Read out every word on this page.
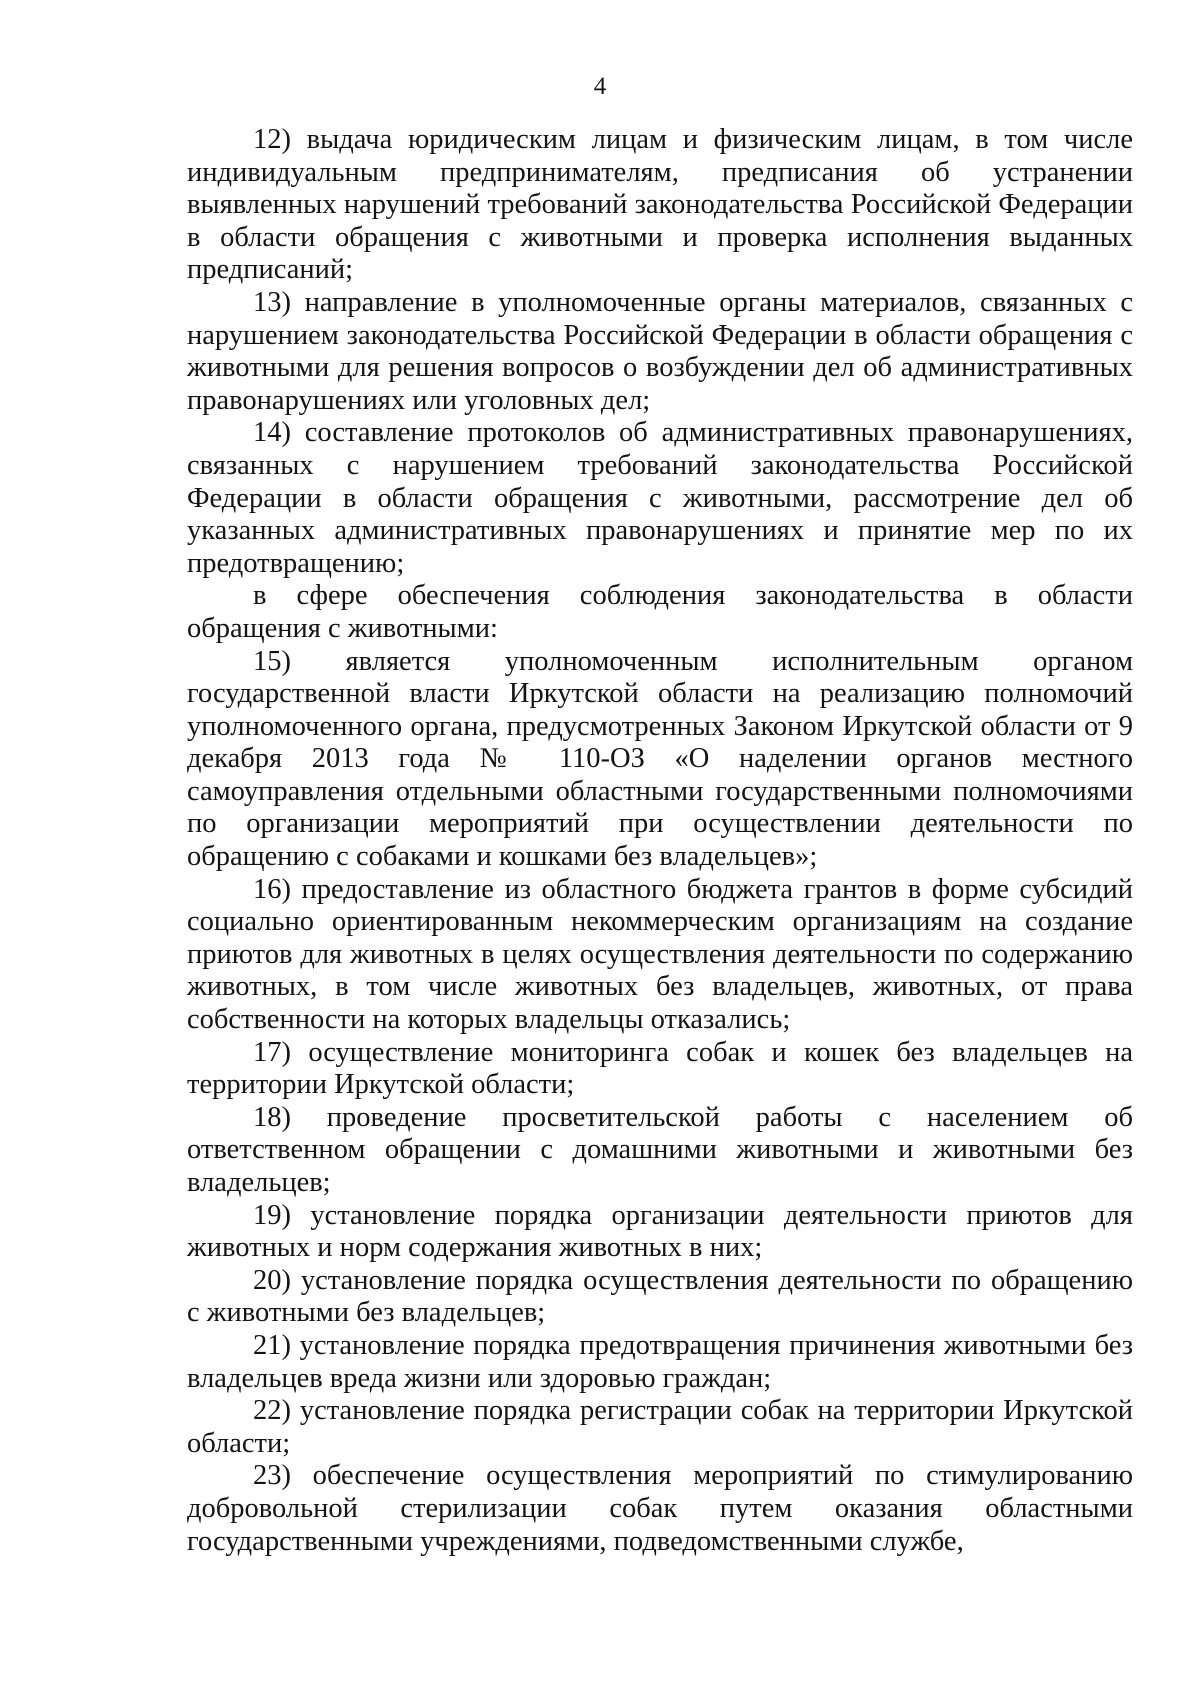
4

12) выдача юридическим лицам и физическим лицам, в том числе индивидуальным предпринимателям, предписания об устранении выявленных нарушений требований законодательства Российской Федерации в области обращения с животными и проверка исполнения выданных предписаний;

13) направление в уполномоченные органы материалов, связанных с нарушением законодательства Российской Федерации в области обращения с животными для решения вопросов о возбуждении дел об административных правонарушениях или уголовных дел;

14) составление протоколов об административных правонарушениях, связанных с нарушением требований законодательства Российской Федерации в области обращения с животными, рассмотрение дел об указанных административных правонарушениях и принятие мер по их предотвращению;

в сфере обеспечения соблюдения законодательства в области обращения с животными:

15) является уполномоченным исполнительным органом государственной власти Иркутской области на реализацию полномочий уполномоченного органа, предусмотренных Законом Иркутской области от 9 декабря 2013 года № 110-ОЗ «О наделении органов местного самоуправления отдельными областными государственными полномочиями по организации мероприятий при осуществлении деятельности по обращению с собаками и кошками без владельцев»;

16) предоставление из областного бюджета грантов в форме субсидий социально ориентированным некоммерческим организациям на создание приютов для животных в целях осуществления деятельности по содержанию животных, в том числе животных без владельцев, животных, от права собственности на которых владельцы отказались;

17) осуществление мониторинга собак и кошек без владельцев на территории Иркутской области;

18) проведение просветительской работы с населением об ответственном обращении с домашними животными и животными без владельцев;

19) установление порядка организации деятельности приютов для животных и норм содержания животных в них;

20) установление порядка осуществления деятельности по обращению с животными без владельцев;

21) установление порядка предотвращения причинения животными без владельцев вреда жизни или здоровью граждан;

22) установление порядка регистрации собак на территории Иркутской области;

23) обеспечение осуществления мероприятий по стимулированию добровольной стерилизации собак путем оказания областными государственными учреждениями, подведомственными службе,
